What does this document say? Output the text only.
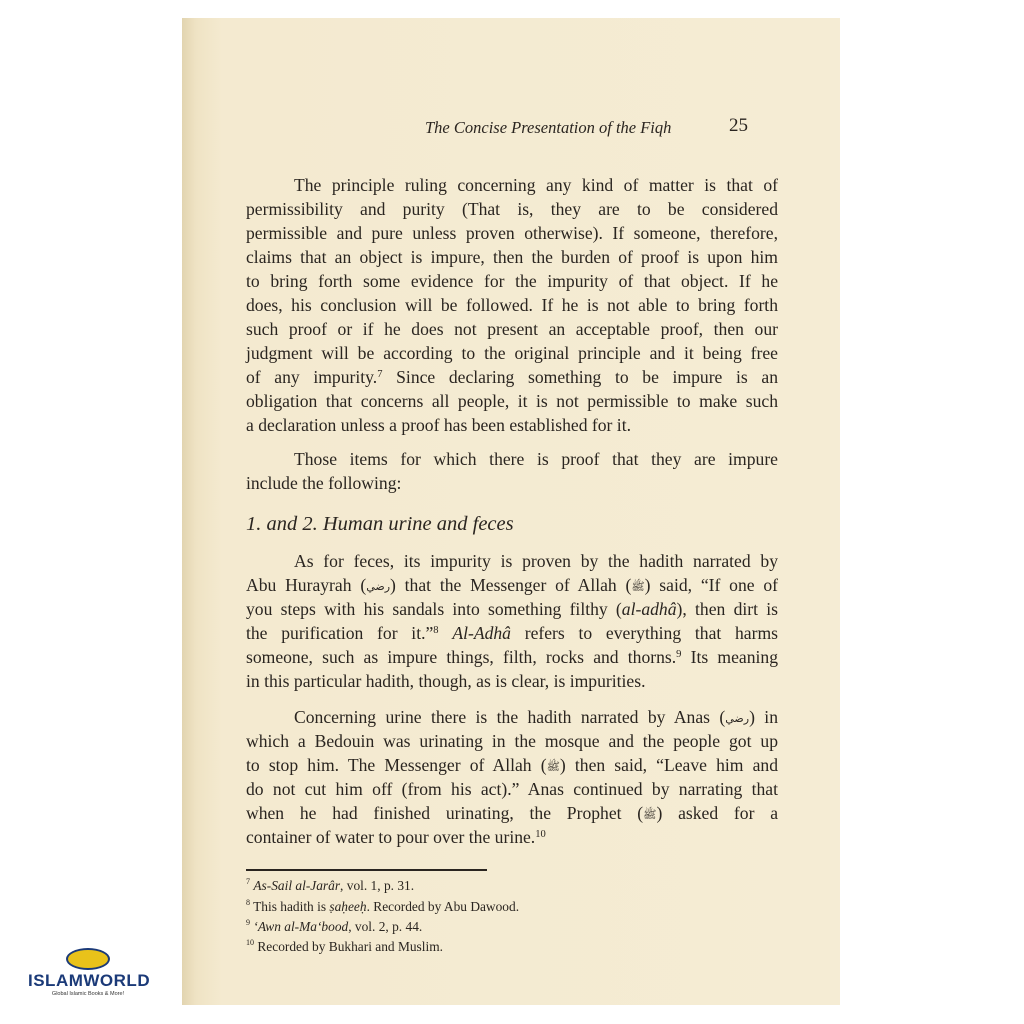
The Concise Presentation of the Fiqh	25
The principle ruling concerning any kind of matter is that of
permissibility and purity (That is, they are to be considered
permissible and pure unless proven otherwise). If someone, therefore,
claims that an object is impure, then the burden of proof is upon him
to bring forth some evidence for the impurity of that object. If he
does, his conclusion will be followed. If he is not able to bring forth
such proof or if he does not present an acceptable proof, then our
judgment will be according to the original principle and it being free
of any impurity.$^7$ Since declaring something to be impure is an
obligation that concerns all people, it is not permissible to make such
a declaration unless a proof has been established for it.
Those items for which there is proof that they are impure
include the following:
As for feces, its impurity is proven by the hadith narrated by
Abu Hurayrah (رضي) that the Messenger of Allah (ﷺ) said, “If one of
you steps with his sandals into something filthy (al-adhâ), then dirt is
the purification for it.”$^8$ Al-Adhâ refers to everything that harms
someone, such as impure things, filth, rocks and thorns.$^9$ Its meaning
in this particular hadith, though, as is clear, is impurities.
Concerning urine there is the hadith narrated by Anas (رضي) in
which a Bedouin was urinating in the mosque and the people got up
to stop him. The Messenger of Allah (ﷺ) then said, “Leave him and
do not cut him off (from his act).” Anas continued by narrating that
when he had finished urinating, the Prophet (ﷺ) asked for a
container of water to pour over the urine.$^{10}$
1. and 2. Human urine and feces
$^7$ As-Sail al-Jarâr, vol. 1, p. 31.
$^8$ This hadith is ṣaḥeeḥ. Recorded by Abu Dawood.
$^9$ ‘Awn al-Ma‘bood, vol. 2, p. 44.
$^{10}$ Recorded by Bukhari and Muslim.
ISLAMWORLD
Global Islamic Books & More!
